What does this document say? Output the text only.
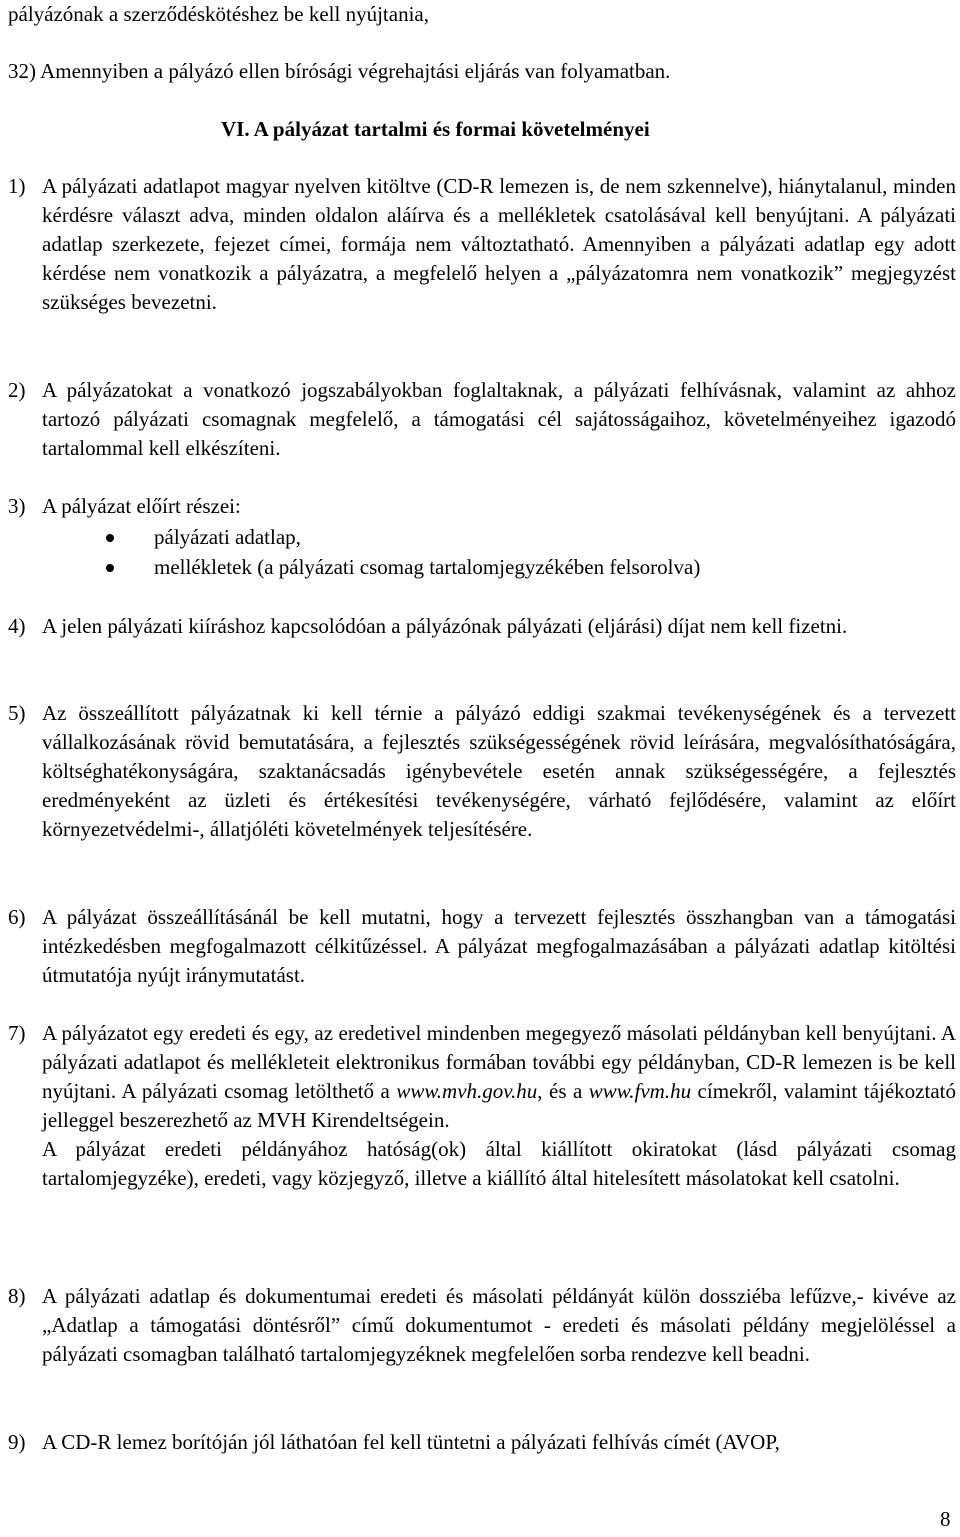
pályázónak a szerződéskötéshez be kell nyújtania,
32) Amennyiben a pályázó ellen bírósági végrehajtási eljárás van folyamatban.
VI. A pályázat tartalmi és formai követelményei
1) A pályázati adatlapot magyar nyelven kitöltve (CD-R lemezen is, de nem szkennelve), hiánytalanul, minden kérdésre választ adva, minden oldalon aláírva és a mellékletek csatolásával kell benyújtani. A pályázati adatlap szerkezete, fejezet címei, formája nem változtatható. Amennyiben a pályázati adatlap egy adott kérdése nem vonatkozik a pályázatra, a megfelelő helyen a „pályázatomra nem vonatkozik” megjegyzést szükséges bevezetni.
2) A pályázatokat a vonatkozó jogszabályokban foglaltaknak, a pályázati felhívásnak, valamint az ahhoz tartozó pályázati csomagnak megfelelő, a támogatási cél sajátosságaihoz, követelményeihez igazodó tartalommal kell elkészíteni.
3) A pályázat előírt részei:
pályázati adatlap,
mellékletek (a pályázati csomag tartalomjegyzékében felsorolva)
4) A jelen pályázati kiíráshoz kapcsolódóan a pályázónak pályázati (eljárási) díjat nem kell fizetni.
5) Az összeállított pályázatnak ki kell térnie a pályázó eddigi szakmai tevékenységének és a tervezett vállalkozásának rövid bemutatására, a fejlesztés szükségességének rövid leírására, megvalósíthatóságára, költséghatékonyságára, szaktanácsadás igénybevétele esetén annak szükségességére, a fejlesztés eredményeként az üzleti és értékesítési tevékenységére, várható fejlődésére, valamint az előírt környezetvédelmi-, állatjóléti követelmények teljesítésére.
6) A pályázat összeállításánál be kell mutatni, hogy a tervezett fejlesztés összhangban van a támogatási intézkedésben megfogalmazott célkitűzéssel. A pályázat megfogalmazásában a pályázati adatlap kitöltési útmutatója nyújt iránymutatást.
7) A pályázatot egy eredeti és egy, az eredetivel mindenben megegyező másolati példányban kell benyújtani. A pályázati adatlapot és mellékleteit elektronikus formában további egy példányban, CD-R lemezen is be kell nyújtani. A pályázati csomag letölthető a www.mvh.gov.hu, és a www.fvm.hu címekről, valamint tájékoztató jelleggel beszerezhető az MVH Kirendeltségein.
A pályázat eredeti példányához hatóság(ok) által kiállított okiratokat (lásd pályázati csomag tartalomjegyzéke), eredeti, vagy közjegyző, illetve a kiállító által hitelesített másolatokat kell csatolni.
8) A pályázati adatlap és dokumentumai eredeti és másolati példányát külön dossziéba lefűzve,- kivéve az „Adatlap a támogatási döntésről” című dokumentumot - eredeti és másolati példány megjelöléssel a pályázati csomagban található tartalomjegyzéknek megfelelően sorba rendezve kell beadni.
9) A CD-R lemez borítóján jól láthatóan fel kell tüntetni a pályázati felhívás címét (AVOP,
8
